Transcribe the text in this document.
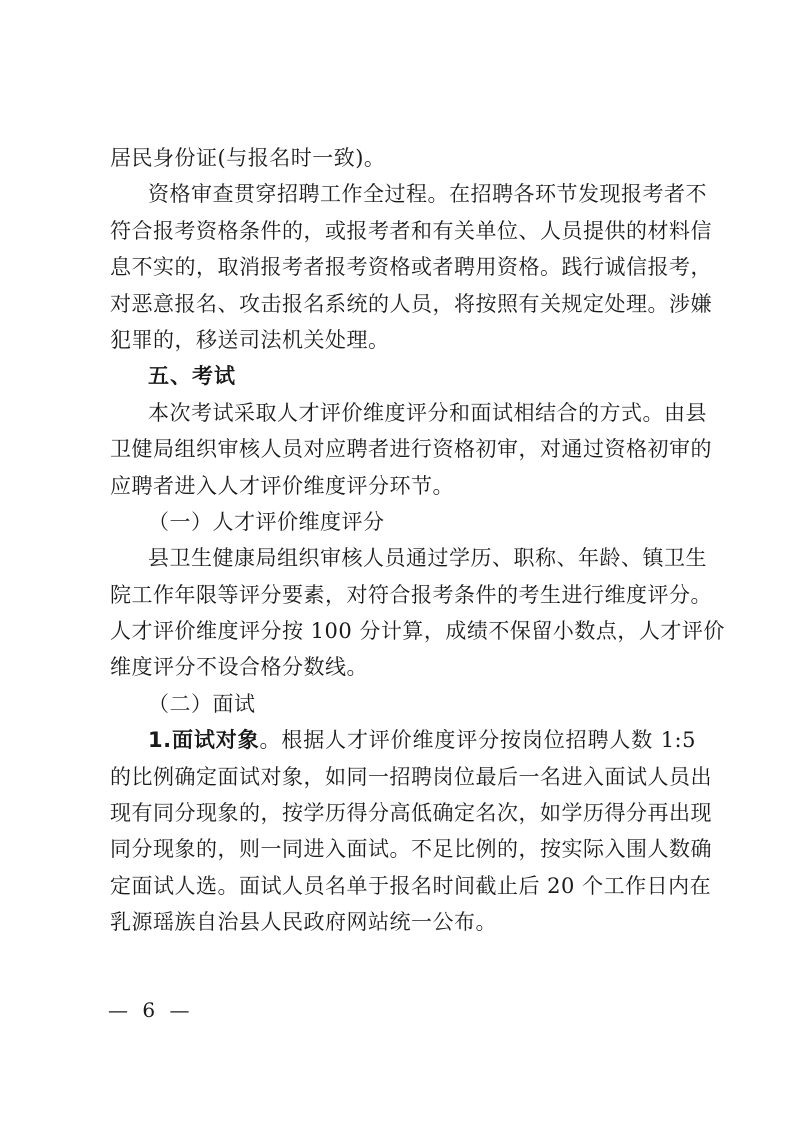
居民身份证(与报名时一致)。
资格审查贯穿招聘工作全过程。在招聘各环节发现报考者不
符合报考资格条件的，或报考者和有关单位、人员提供的材料信
息不实的，取消报考者报考资格或者聘用资格。践行诚信报考，
对恶意报名、攻击报名系统的人员，将按照有关规定处理。涉嫌
犯罪的，移送司法机关处理。
五、考试
本次考试采取人才评价维度评分和面试相结合的方式。由县
卫健局组织审核人员对应聘者进行资格初审，对通过资格初审的
应聘者进入人才评价维度评分环节。
（一）人才评价维度评分
县卫生健康局组织审核人员通过学历、职称、年龄、镇卫生
院工作年限等评分要素，对符合报考条件的考生进行维度评分。
人才评价维度评分按 100 分计算，成绩不保留小数点，人才评价
维度评分不设合格分数线。
（二）面试
1.面试对象。根据人才评价维度评分按岗位招聘人数 1:5
的比例确定面试对象，如同一招聘岗位最后一名进入面试人员出
现有同分现象的，按学历得分高低确定名次，如学历得分再出现
同分现象的，则一同进入面试。不足比例的，按实际入围人数确
定面试人选。面试人员名单于报名时间截止后 20 个工作日内在
乳源瑶族自治县人民政府网站统一公布。
— 6 —
